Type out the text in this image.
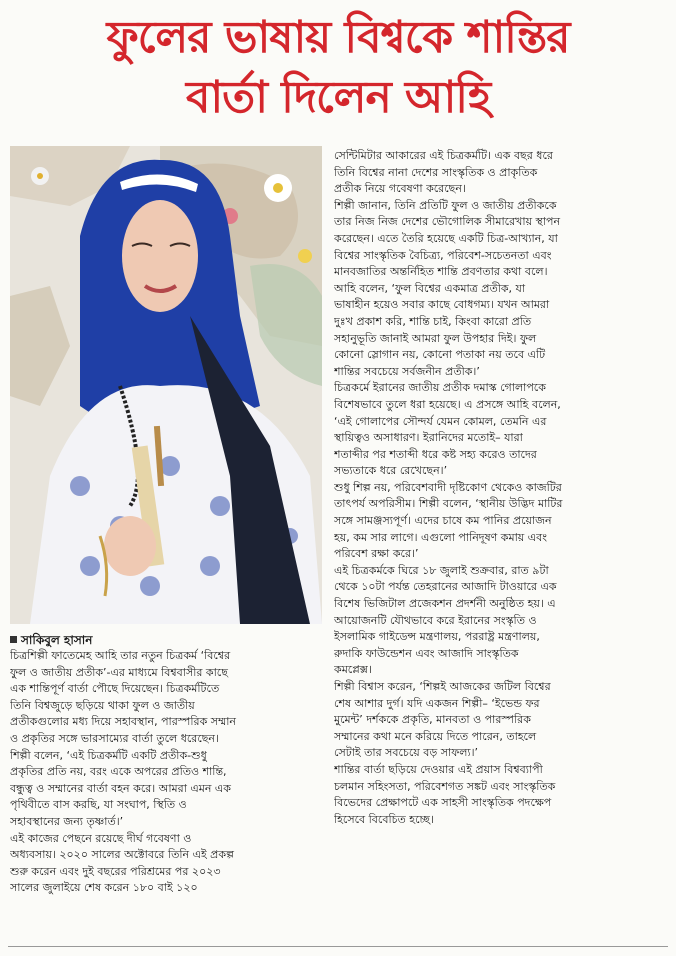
ফুলের ভাষায় বিশ্বকে শান্তির
বার্তা দিলেন আহি
সাকিবুল হাসান

চিত্রশিল্পী ফাতেমেহ আহি তার নতুন চিত্রকর্ম ‘বিশ্বের

ফুল ও জাতীয় প্রতীক’-এর মাধ্যমে বিশ্ববাসীর কাছে

এক শান্তিপূর্ণ বার্তা পৌছে দিয়েছেন। চিত্রকর্মটিতে

তিনি বিশ্বজুড়ে ছড়িয়ে থাকা ফুল ও জাতীয়

প্রতীকগুলোর মধ্য দিয়ে সহাবস্থান, পারস্পরিক সম্মান

ও প্রকৃতির সঙ্গে ভারসাম্যের বার্তা তুলে ধরেছেন।

শিল্পী বলেন, ‘এই চিত্রকর্মটি একটি প্রতীক-শুধু

প্রকৃতির প্রতি নয়, বরং একে অপরের প্রতিও শান্তি,

বন্ধুত্ব ও সম্মানের বার্তা বহন করে। আমরা এমন এক

পৃথিবীতে বাস করছি, যা সংঘাপ, স্থিতি ও

সহাবস্থানের জন্য তৃষ্ণার্ত।’

এই কাজের পেছনে রয়েছে দীর্ঘ গবেষণা ও

অধ্যবসায়। ২০২০ সালের অক্টোবরে তিনি এই প্রকল্প

শুরু করেন এবং দুই বছরের পরিশ্রমের পর ২০২৩

সালের জুলাইয়ে শেষ করেন ১৮০ বাই ১২০

সেন্টিমিটার আকারের এই চিত্রকর্মটি। এক বছর ধরে

তিনি বিশ্বের নানা দেশের সাংস্কৃতিক ও প্রাকৃতিক

প্রতীক নিয়ে গবেষণা করেছেন।

শিল্পী জানান, তিনি প্রতিটি ফুল ও জাতীয় প্রতীককে

তার নিজ নিজ দেশের ভৌগোলিক সীমারেখায় স্থাপন

করেছেন। এতে তৈরি হয়েছে একটি চিত্র-আখ্যান, যা

বিশ্বের সাংস্কৃতিক বৈচিত্র্য, পরিবেশ-সচেতনতা এবং

মানবজাতির অন্তর্নিহিত শান্তি প্রবণতার কথা বলে।

আহি বলেন, ‘ফুল বিশ্বের একমাত্র প্রতীক, যা

ভাষাহীন হয়েও সবার কাছে বোধগম্য। যখন আমরা

দুঃখ প্রকাশ করি, শান্তি চাই, কিংবা কারো প্রতি

সহানুভূতি জানাই আমরা ফুল উপহার দিই। ফুল

কোনো স্লোগান নয়, কোনো পতাকা নয় তবে এটি

শান্তির সবচেয়ে সর্বজনীন প্রতীক।’

চিত্রকর্মে ইরানের জাতীয় প্রতীক দমাস্ক গোলাপকে

বিশেষভাবে তুলে ধরা হয়েছে। এ প্রসঙ্গে আহি বলেন,

‘এই গোলাপের সৌন্দর্য যেমন কোমল, তেমনি এর

স্থায়িত্বও অসাধারণ। ইরানিদের মতোই– যারা

শতাব্দীর পর শতাব্দী ধরে কষ্ট সহ্য করেও তাদের

সভ্যতাকে ধরে রেখেছেন।’

শুধু শিল্প নয়, পরিবেশবাদী দৃষ্টিকোণ থেকেও কাজটির

তাৎপর্য অপরিসীম। শিল্পী বলেন, ‘স্থানীয় উদ্ভিদ মাটির

সঙ্গে সামঞ্জস্যপূর্ণ। এদের চাষে কম পানির প্রয়োজন

হয়, কম সার লাগে। এগুলো পানিদূষণ কমায় এবং

পরিবেশ রক্ষা করে।’

এই চিত্রকর্মকে ঘিরে ১৮ জুলাই শুক্রবার, রাত ৯টা

থেকে ১০টা পর্যন্ত তেহরানের আজাদি টাওয়ারে এক

বিশেষ ভিজিটাল প্রজেকশন প্রদর্শনী অনুষ্ঠিত হয়। এ

আয়োজনটি যৌথভাবে করে ইরানের সংস্কৃতি ও

ইসলামিক গাইডেন্স মন্ত্রণালয়, পররাষ্ট্র মন্ত্রণালয়,

রুদাকি ফাউন্ডেশন এবং আজাদি সাংস্কৃতিক

কমপ্লেক্স।

শিল্পী বিশ্বাস করেন, ‘শিল্পই আজকের জটিল বিশ্বের

শেষ আশার দুর্গ। যদি একজন শিল্পী– ‘ইভেন্ড ফর

মুমেন্ট’ দর্শককে প্রকৃতি, মানবতা ও পারস্পরিক

সম্মানের কথা মনে করিয়ে দিতে পারেন, তাহলে

সেটাই তার সবচেয়ে বড় সাফল্য।’

শান্তির বার্তা ছড়িয়ে দেওয়ার এই প্রয়াস বিশ্বব্যাপী

চলমান সহিংসতা, পরিবেশগত সঙ্কট এবং সাংস্কৃতিক

বিভেদের প্রেক্ষাপটে এক সাহসী সাংস্কৃতিক পদক্ষেপ

হিসেবে বিবেচিত হচ্ছে।
